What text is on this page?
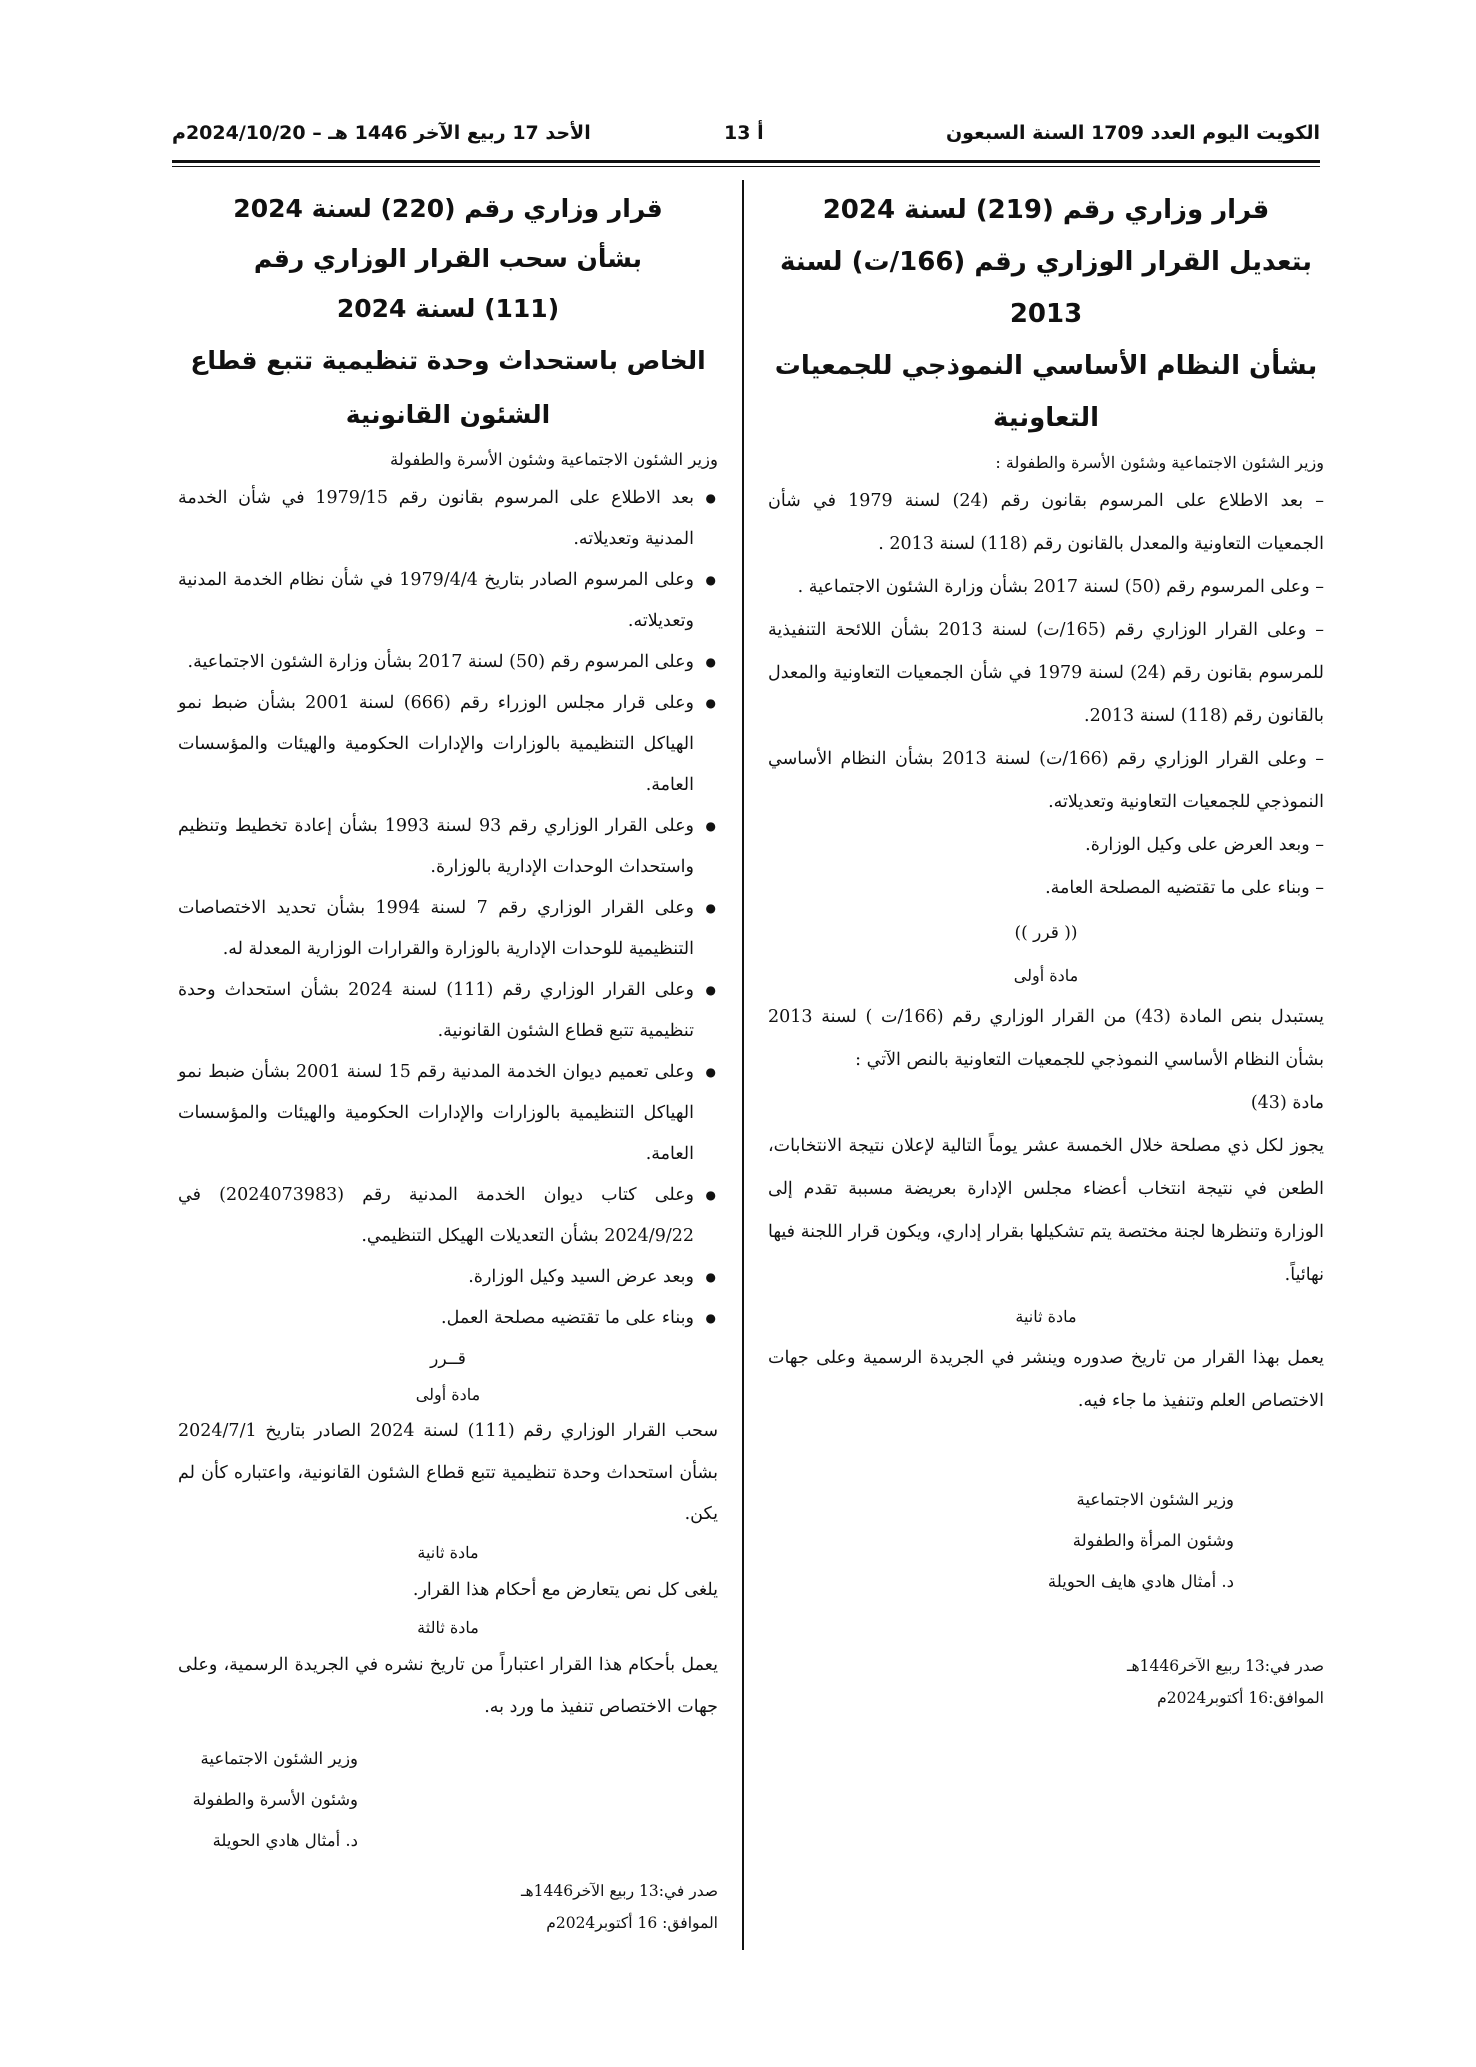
الكويت اليوم العدد 1709 السنة السبعون
أ 13
الأحد 17 ربيع الآخر 1446 هـ – 2024/10/20م

قرار وزاري رقم (219) لسنة 2024

بتعديل القرار الوزاري رقم (166/ت) لسنة 2013

بشأن النظام الأساسي النموذجي للجمعيات التعاونية

وزير الشئون الاجتماعية وشئون الأسرة والطفولة :

– بعد الاطلاع على المرسوم بقانون رقم (24) لسنة 1979 في شأن الجمعيات التعاونية والمعدل بالقانون رقم (118) لسنة 2013 .

– وعلى المرسوم رقم (50) لسنة 2017 بشأن وزارة الشئون الاجتماعية .

– وعلى القرار الوزاري رقم (165/ت) لسنة 2013 بشأن اللائحة التنفيذية للمرسوم بقانون رقم (24) لسنة 1979 في شأن الجمعيات التعاونية والمعدل بالقانون رقم (118) لسنة 2013.

– وعلى القرار الوزاري رقم (166/ت) لسنة 2013 بشأن النظام الأساسي النموذجي للجمعيات التعاونية وتعديلاته.

– وبعد العرض على وكيل الوزارة.

– وبناء على ما تقتضيه المصلحة العامة.

(( قرر ))

مادة أولى

يستبدل بنص المادة (43) من القرار الوزاري رقم (166/ت ) لسنة 2013 بشأن النظام الأساسي النموذجي للجمعيات التعاونية بالنص الآتي :

مادة (43)

يجوز لكل ذي مصلحة خلال الخمسة عشر يوماً التالية لإعلان نتيجة الانتخابات، الطعن في نتيجة انتخاب أعضاء مجلس الإدارة بعريضة مسببة تقدم إلى الوزارة وتنظرها لجنة مختصة يتم تشكيلها بقرار إداري، ويكون قرار اللجنة فيها نهائياً.

مادة ثانية

يعمل بهذا القرار من تاريخ صدوره وينشر في الجريدة الرسمية وعلى جهات الاختصاص العلم وتنفيذ ما جاء فيه.

وزير الشئون الاجتماعية

وشئون المرأة والطفولة

د. أمثال هادي هايف الحويلة

صدر في:13 ربيع الآخر1446هـ

الموافق:16 أكتوبر2024م

قرار وزاري رقم (220) لسنة 2024

بشأن سحب القرار الوزاري رقم

(111) لسنة 2024

الخاص باستحداث وحدة تنظيمية تتبع قطاع الشئون القانونية

وزير الشئون الاجتماعية وشئون الأسرة والطفولة

● بعد الاطلاع على المرسوم بقانون رقم 1979/15 في شأن الخدمة المدنية وتعديلاته.

● وعلى المرسوم الصادر بتاريخ 1979/4/4 في شأن نظام الخدمة المدنية وتعديلاته.

● وعلى المرسوم رقم (50) لسنة 2017 بشأن وزارة الشئون الاجتماعية.

● وعلى قرار مجلس الوزراء رقم (666) لسنة 2001 بشأن ضبط نمو الهياكل التنظيمية بالوزارات والإدارات الحكومية والهيئات والمؤسسات العامة.

● وعلى القرار الوزاري رقم 93 لسنة 1993 بشأن إعادة تخطيط وتنظيم واستحداث الوحدات الإدارية بالوزارة.

● وعلى القرار الوزاري رقم 7 لسنة 1994 بشأن تحديد الاختصاصات التنظيمية للوحدات الإدارية بالوزارة والقرارات الوزارية المعدلة له.

● وعلى القرار الوزاري رقم (111) لسنة 2024 بشأن استحداث وحدة تنظيمية تتبع قطاع الشئون القانونية.

● وعلى تعميم ديوان الخدمة المدنية رقم 15 لسنة 2001 بشأن ضبط نمو الهياكل التنظيمية بالوزارات والإدارات الحكومية والهيئات والمؤسسات العامة.

● وعلى كتاب ديوان الخدمة المدنية رقم (2024073983) في 2024/9/22 بشأن التعديلات الهيكل التنظيمي.

● وبعد عرض السيد وكيل الوزارة.

● وبناء على ما تقتضيه مصلحة العمل.

قــرر

مادة أولى

سحب القرار الوزاري رقم (111) لسنة 2024 الصادر بتاريخ 2024/7/1 بشأن استحداث وحدة تنظيمية تتبع قطاع الشئون القانونية، واعتباره كأن لم يكن.

مادة ثانية

يلغى كل نص يتعارض مع أحكام هذا القرار.

مادة ثالثة

يعمل بأحكام هذا القرار اعتباراً من تاريخ نشره في الجريدة الرسمية، وعلى جهات الاختصاص تنفيذ ما ورد به.

وزير الشئون الاجتماعية

وشئون الأسرة والطفولة

د. أمثال هادي الحويلة

صدر في:13 ربيع الآخر1446هـ

الموافق: 16 أكتوبر2024م
